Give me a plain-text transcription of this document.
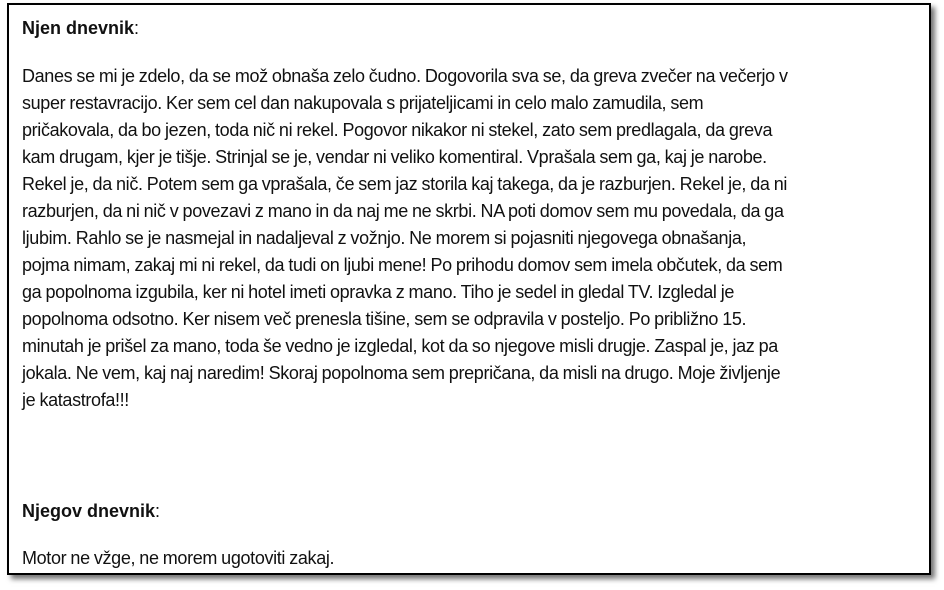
Njen dnevnik:
Danes se mi je zdelo, da se mož obnaša zelo čudno. Dogovorila sva se, da greva zvečer na večerjo v
super restavracijo. Ker sem cel dan nakupovala s prijateljicami in celo malo zamudila, sem
pričakovala, da bo jezen, toda nič ni rekel. Pogovor nikakor ni stekel, zato sem predlagala, da greva
kam drugam, kjer je tišje. Strinjal se je, vendar ni veliko komentiral. Vprašala sem ga, kaj je narobe.
Rekel je, da nič. Potem sem ga vprašala, če sem jaz storila kaj takega, da je razburjen. Rekel je, da ni
razburjen, da ni nič v povezavi z mano in da naj me ne skrbi. NA poti domov sem mu povedala, da ga
ljubim. Rahlo se je nasmejal in nadaljeval z vožnjo. Ne morem si pojasniti njegovega obnašanja,
pojma nimam, zakaj mi ni rekel, da tudi on ljubi mene! Po prihodu domov sem imela občutek, da sem
ga popolnoma izgubila, ker ni hotel imeti opravka z mano. Tiho je sedel in gledal TV. Izgledal je
popolnoma odsotno. Ker nisem več prenesla tišine, sem se odpravila v posteljo. Po približno 15.
minutah je prišel za mano, toda še vedno je izgledal, kot da so njegove misli drugje. Zaspal je, jaz pa
jokala. Ne vem, kaj naj naredim! Skoraj popolnoma sem prepričana, da misli na drugo. Moje življenje
je katastrofa!!!
Njegov dnevnik:
Motor ne vžge, ne morem ugotoviti zakaj.
